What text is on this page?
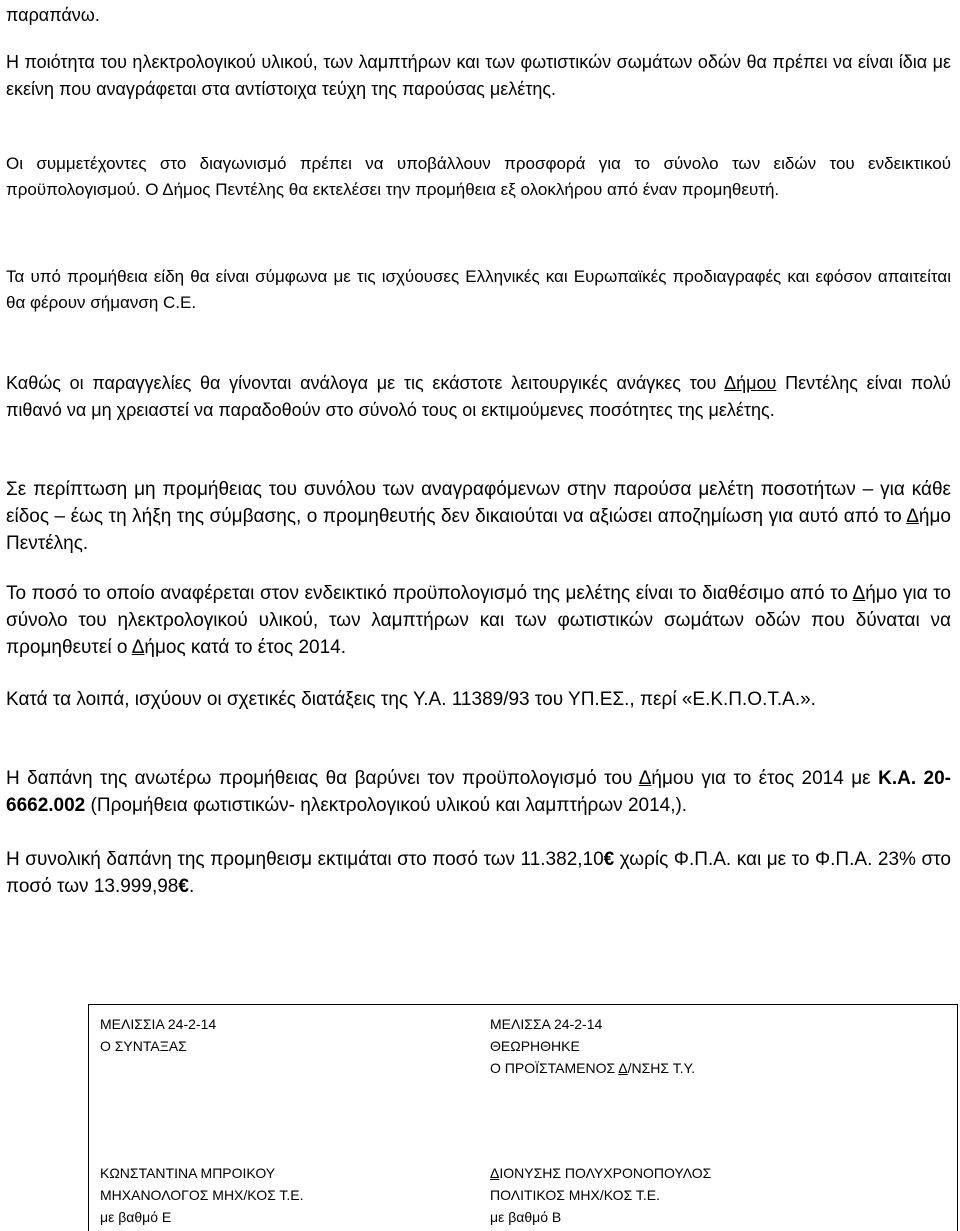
παραπάνω.

Η ποιότητα του ηλεκτρολογικού υλικού, των λαμπτήρων και των φωτιστικών σωμάτων οδών θα πρέπει να είναι ίδια με εκείνη που αναγράφεται στα αντίστοιχα τεύχη της παρούσας μελέτης.

Οι συμμετέχοντες στο διαγωνισμό πρέπει να υποβάλλουν προσφορά για το σύνολο των ειδών του ενδεικτικού προϋπολογισμού. Ο Δήμος Πεντέλης θα εκτελέσει την προμήθεια εξ ολοκλήρου από έναν προμηθευτή.

Τα υπό προμήθεια είδη θα είναι σύμφωνα με τις ισχύουσες Ελληνικές και Ευρωπαϊκές προδιαγραφές και εφόσον απαιτείται θα φέρουν σήμανση C.E.

Καθώς οι παραγγελίες θα γίνονται ανάλογα με τις εκάστοτε λειτουργικές ανάγκες του Δήμου Πεντέλης είναι πολύ πιθανό να μη χρειαστεί να παραδοθούν στο σύνολό τους οι εκτιμούμενες ποσότητες της μελέτης.

Σε περίπτωση μη προμήθειας του συνόλου των αναγραφόμενων στην παρούσα μελέτη ποσοτήτων – για κάθε είδος – έως τη λήξη της σύμβασης, ο προμηθευτής δεν δικαιούται να αξιώσει αποζημίωση για αυτό από το Δήμο Πεντέλης.

Το ποσό το οποίο αναφέρεται στον ενδεικτικό προϋπολογισμό της μελέτης είναι το διαθέσιμο από το Δήμο για το σύνολο του ηλεκτρολογικού υλικού, των λαμπτήρων και των φωτιστικών σωμάτων οδών που δύναται να προμηθευτεί ο Δήμος κατά το έτος 2014.

Κατά τα λοιπά, ισχύουν οι σχετικές διατάξεις της Υ.Α. 11389/93 του ΥΠ.ΕΣ., περί «Ε.Κ.Π.Ο.Τ.Α.».

Η δαπάνη της ανωτέρω προμήθειας θα βαρύνει τον προϋπολογισμό του Δήμου για το έτος 2014 με Κ.Α. 20-6662.002 (Προμήθεια φωτιστικών- ηλεκτρολογικού υλικού και λαμπτήρων 2014,).

Η συνολική δαπάνη της προμηθεισμ εκτιμάται στο ποσό των 11.382,10€ χωρίς Φ.Π.Α. και με το Φ.Π.Α. 23% στο ποσό των 13.999,98€.

ΜΕΛΙΣΣΙΑ 24-2-14
Ο ΣΥΝΤΑΞΑΣ
ΜΕΛΙΣΣΑ 24-2-14
ΘΕΩΡΗΘΗΚΕ
Ο ΠΡΟΪΣΤΑΜΕΝΟΣ Δ/ΝΣΗΣ Τ.Υ.
ΚΩΝΣΤΑΝΤΙΝΑ ΜΠΡΟΙΚΟΥ
ΜΗΧΑΝΟΛΟΓΟΣ ΜΗΧ/ΚΟΣ Τ.Ε.
με βαθμό Ε
ΔΙΟΝΥΣΗΣ ΠΟΛΥΧΡΟΝΟΠΟΥΛΟΣ
ΠΟΛΙΤΙΚΟΣ ΜΗΧ/ΚΟΣ Τ.Ε.
με βαθμό Β
